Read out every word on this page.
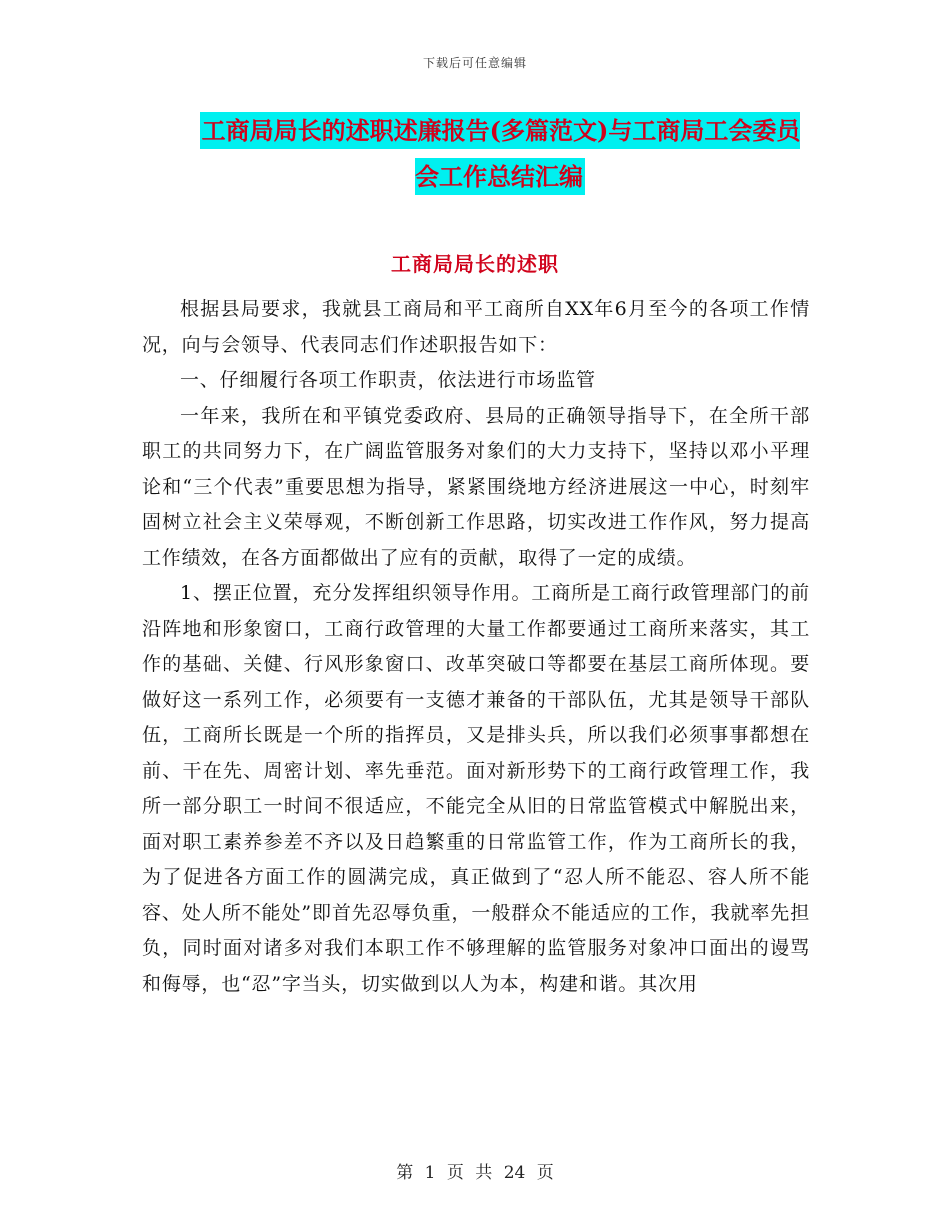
下载后可任意编辑
工商局局长的述职述廉报告(多篇范文)与工商局工会委员会工作总结汇编
工商局局长的述职

根据县局要求，我就县工商局和平工商所自XX年6月至今的各项工作情况，向与会领导、代表同志们作述职报告如下：

一、仔细履行各项工作职责，依法进行市场监管

一年来，我所在和平镇党委政府、县局的正确领导指导下，在全所干部职工的共同努力下，在广阔监管服务对象们的大力支持下，坚持以邓小平理论和“三个代表”重要思想为指导，紧紧围绕地方经济进展这一中心，时刻牢固树立社会主义荣辱观，不断创新工作思路，切实改进工作作风，努力提高工作绩效，在各方面都做出了应有的贡献，取得了一定的成绩。

1、摆正位置，充分发挥组织领导作用。工商所是工商行政管理部门的前沿阵地和形象窗口，工商行政管理的大量工作都要通过工商所来落实，其工作的基础、关健、行风形象窗口、改革突破口等都要在基层工商所体现。要做好这一系列工作，必须要有一支德才兼备的干部队伍，尤其是领导干部队伍，工商所长既是一个所的指挥员，又是排头兵，所以我们必须事事都想在前、干在先、周密计划、率先垂范。面对新形势下的工商行政管理工作，我所一部分职工一时间不很适应，不能完全从旧的日常监管模式中解脱出来，面对职工素养参差不齐以及日趋繁重的日常监管工作，作为工商所长的我，为了促进各方面工作的圆满完成，真正做到了“忍人所不能忍、容人所不能容、处人所不能处”即首先忍辱负重，一般群众不能适应的工作，我就率先担负，同时面对诸多对我们本职工作不够理解的监管服务对象冲口面出的谩骂和侮辱，也“忍”字当头，切实做到以人为本，构建和谐。其次用

第 1 页 共 24 页
